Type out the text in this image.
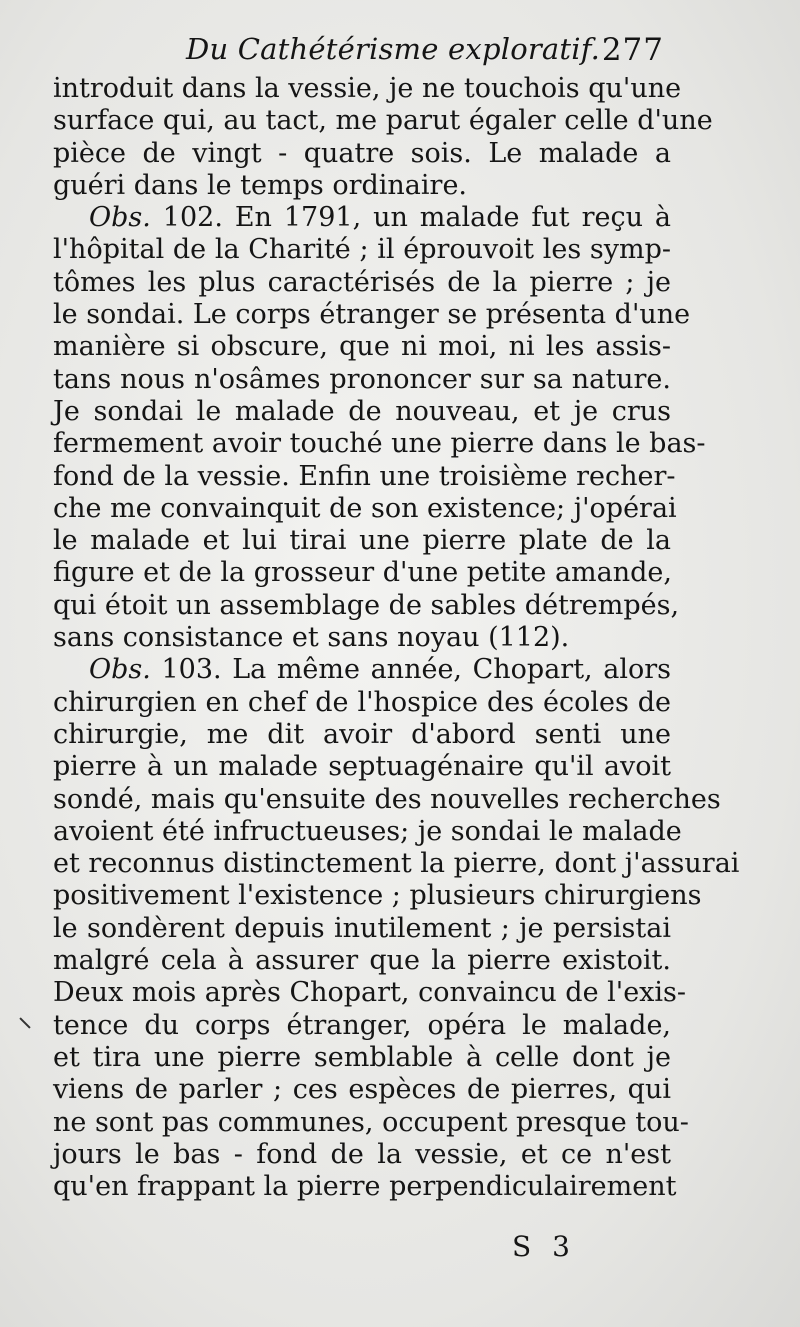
Du Cathétérisme exploratif. 277
introduit dans la vessie, je ne touchois qu'une
surface qui, au tact, me parut égaler celle d'une
pièce de vingt - quatre sois. Le malade a
guéri dans le temps ordinaire.
Obs. 102. En 1791, un malade fut reçu à
l'hôpital de la Charité ; il éprouvoit les symp-
tômes les plus caractérisés de la pierre ; je
le sondai. Le corps étranger se présenta d'une
manière si obscure, que ni moi, ni les assis-
tans nous n'osâmes prononcer sur sa nature.
Je sondai le malade de nouveau, et je crus
fermement avoir touché une pierre dans le bas-
fond de la vessie. Enfin une troisième recher-
che me convainquit de son existence; j'opérai
le malade et lui tirai une pierre plate de la
figure et de la grosseur d'une petite amande,
qui étoit un assemblage de sables détrempés,
sans consistance et sans noyau (112).
Obs. 103. La même année, Chopart, alors
chirurgien en chef de l'hospice des écoles de
chirurgie, me dit avoir d'abord senti une
pierre à un malade septuagénaire qu'il avoit
sondé, mais qu'ensuite des nouvelles recherches
avoient été infructueuses; je sondai le malade
et reconnus distinctement la pierre, dont j'assurai
positivement l'existence ; plusieurs chirurgiens
le sondèrent depuis inutilement ; je persistai
malgré cela à assurer que la pierre existoit.
Deux mois après Chopart, convaincu de l'exis-
tence du corps étranger, opéra le malade,
et tira une pierre semblable à celle dont je
viens de parler ; ces espèces de pierres, qui
ne sont pas communes, occupent presque tou-
jours le bas - fond de la vessie, et ce n'est
qu'en frappant la pierre perpendiculairement
S 3
